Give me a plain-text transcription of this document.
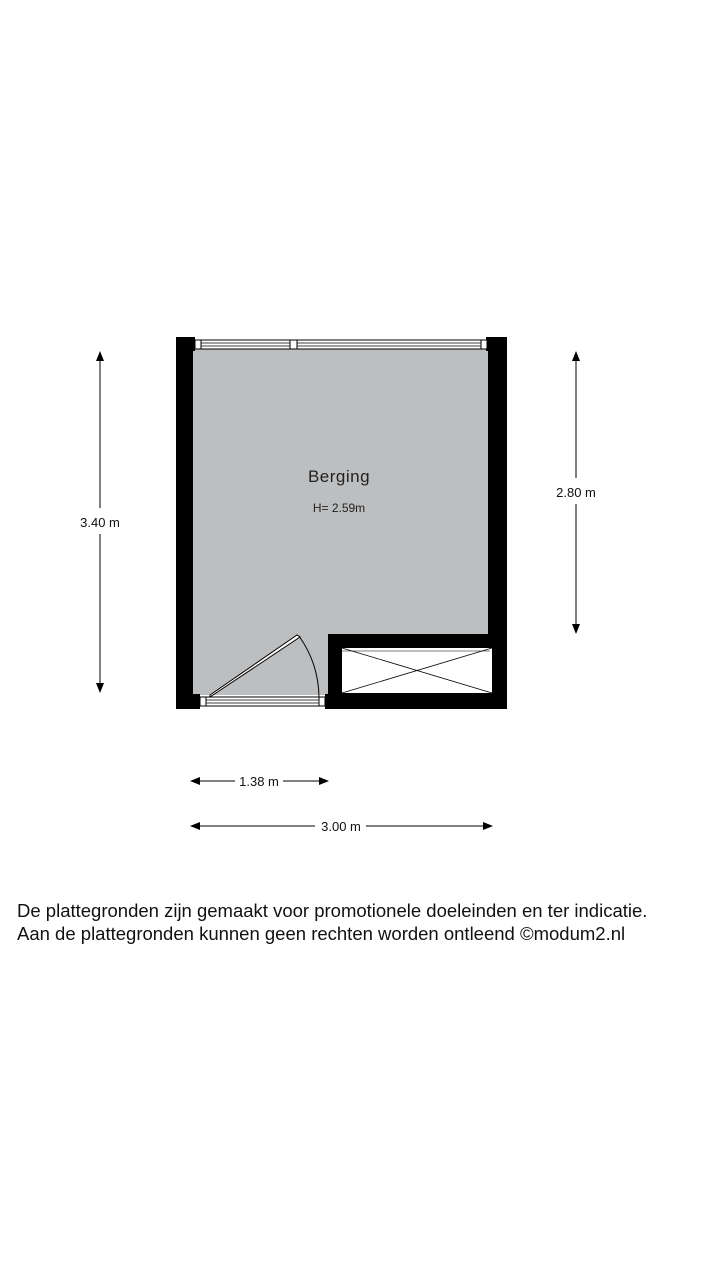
Berging
H= 2.59m
3.40 m
2.80 m
1.38 m
3.00 m
De plattegronden zijn gemaakt voor promotionele doeleinden en ter indicatie.
Aan de plattegronden kunnen geen rechten worden ontleend ©modum2.nl
